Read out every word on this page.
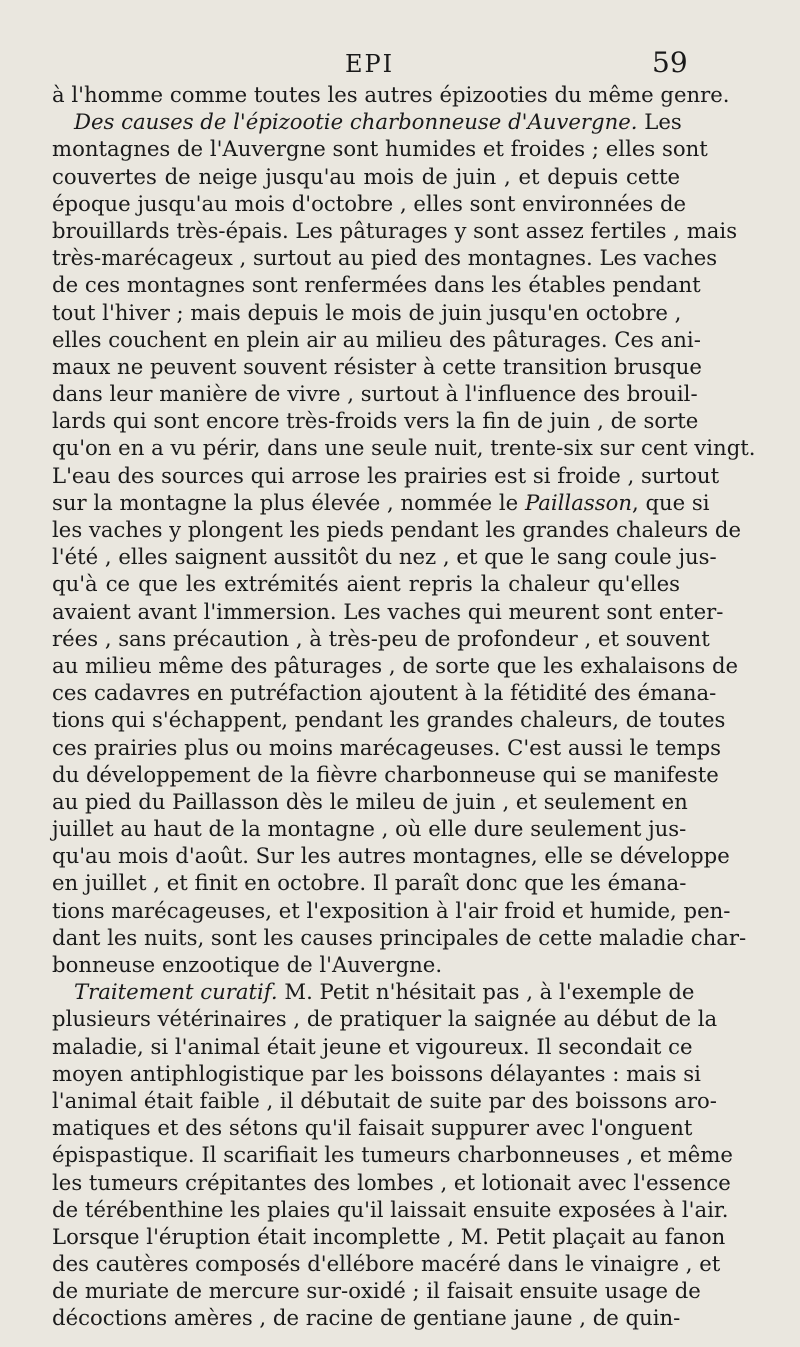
EPI	59
à l'homme comme toutes les autres épizooties du même genre.
Des causes de l'épizootie charbonneuse d'Auvergne. Les
montagnes de l'Auvergne sont humides et froides ; elles sont
couvertes de neige jusqu'au mois de juin , et depuis cette
époque jusqu'au mois d'octobre , elles sont environnées de
brouillards très-épais. Les pâturages y sont assez fertiles , mais
très-marécageux , surtout au pied des montagnes. Les vaches
de ces montagnes sont renfermées dans les étables pendant
tout l'hiver ; mais depuis le mois de juin jusqu'en octobre ,
elles couchent en plein air au milieu des pâturages. Ces ani-
maux ne peuvent souvent résister à cette transition brusque
dans leur manière de vivre , surtout à l'influence des brouil-
lards qui sont encore très-froids vers la fin de juin , de sorte
qu'on en a vu périr, dans une seule nuit, trente-six sur cent vingt.
L'eau des sources qui arrose les prairies est si froide , surtout
sur la montagne la plus élevée , nommée le Paillasson, que si
les vaches y plongent les pieds pendant les grandes chaleurs de
l'été , elles saignent aussitôt du nez , et que le sang coule jus-
qu'à ce que les extrémités aient repris la chaleur qu'elles
avaient avant l'immersion. Les vaches qui meurent sont enter-
rées , sans précaution , à très-peu de profondeur , et souvent
au milieu même des pâturages , de sorte que les exhalaisons de
ces cadavres en putréfaction ajoutent à la fétidité des émana-
tions qui s'échappent, pendant les grandes chaleurs, de toutes
ces prairies plus ou moins marécageuses. C'est aussi le temps
du développement de la fièvre charbonneuse qui se manifeste
au pied du Paillasson dès le mileu de juin , et seulement en
juillet au haut de la montagne , où elle dure seulement jus-
qu'au mois d'août. Sur les autres montagnes, elle se développe
en juillet , et finit en octobre. Il paraît donc que les émana-
tions marécageuses, et l'exposition à l'air froid et humide, pen-
dant les nuits, sont les causes principales de cette maladie char-
bonneuse enzootique de l'Auvergne.
Traitement curatif. M. Petit n'hésitait pas , à l'exemple de
plusieurs vétérinaires , de pratiquer la saignée au début de la
maladie, si l'animal était jeune et vigoureux. Il secondait ce
moyen antiphlogistique par les boissons délayantes : mais si
l'animal était faible , il débutait de suite par des boissons aro-
matiques et des sétons qu'il faisait suppurer avec l'onguent
épispastique. Il scarifiait les tumeurs charbonneuses , et même
les tumeurs crépitantes des lombes , et lotionait avec l'essence
de térébenthine les plaies qu'il laissait ensuite exposées à l'air.
Lorsque l'éruption était incomplette , M. Petit plaçait au fanon
des cautères composés d'ellébore macéré dans le vinaigre , et
de muriate de mercure sur-oxidé ; il faisait ensuite usage de
décoctions amères , de racine de gentiane jaune , de quin-
